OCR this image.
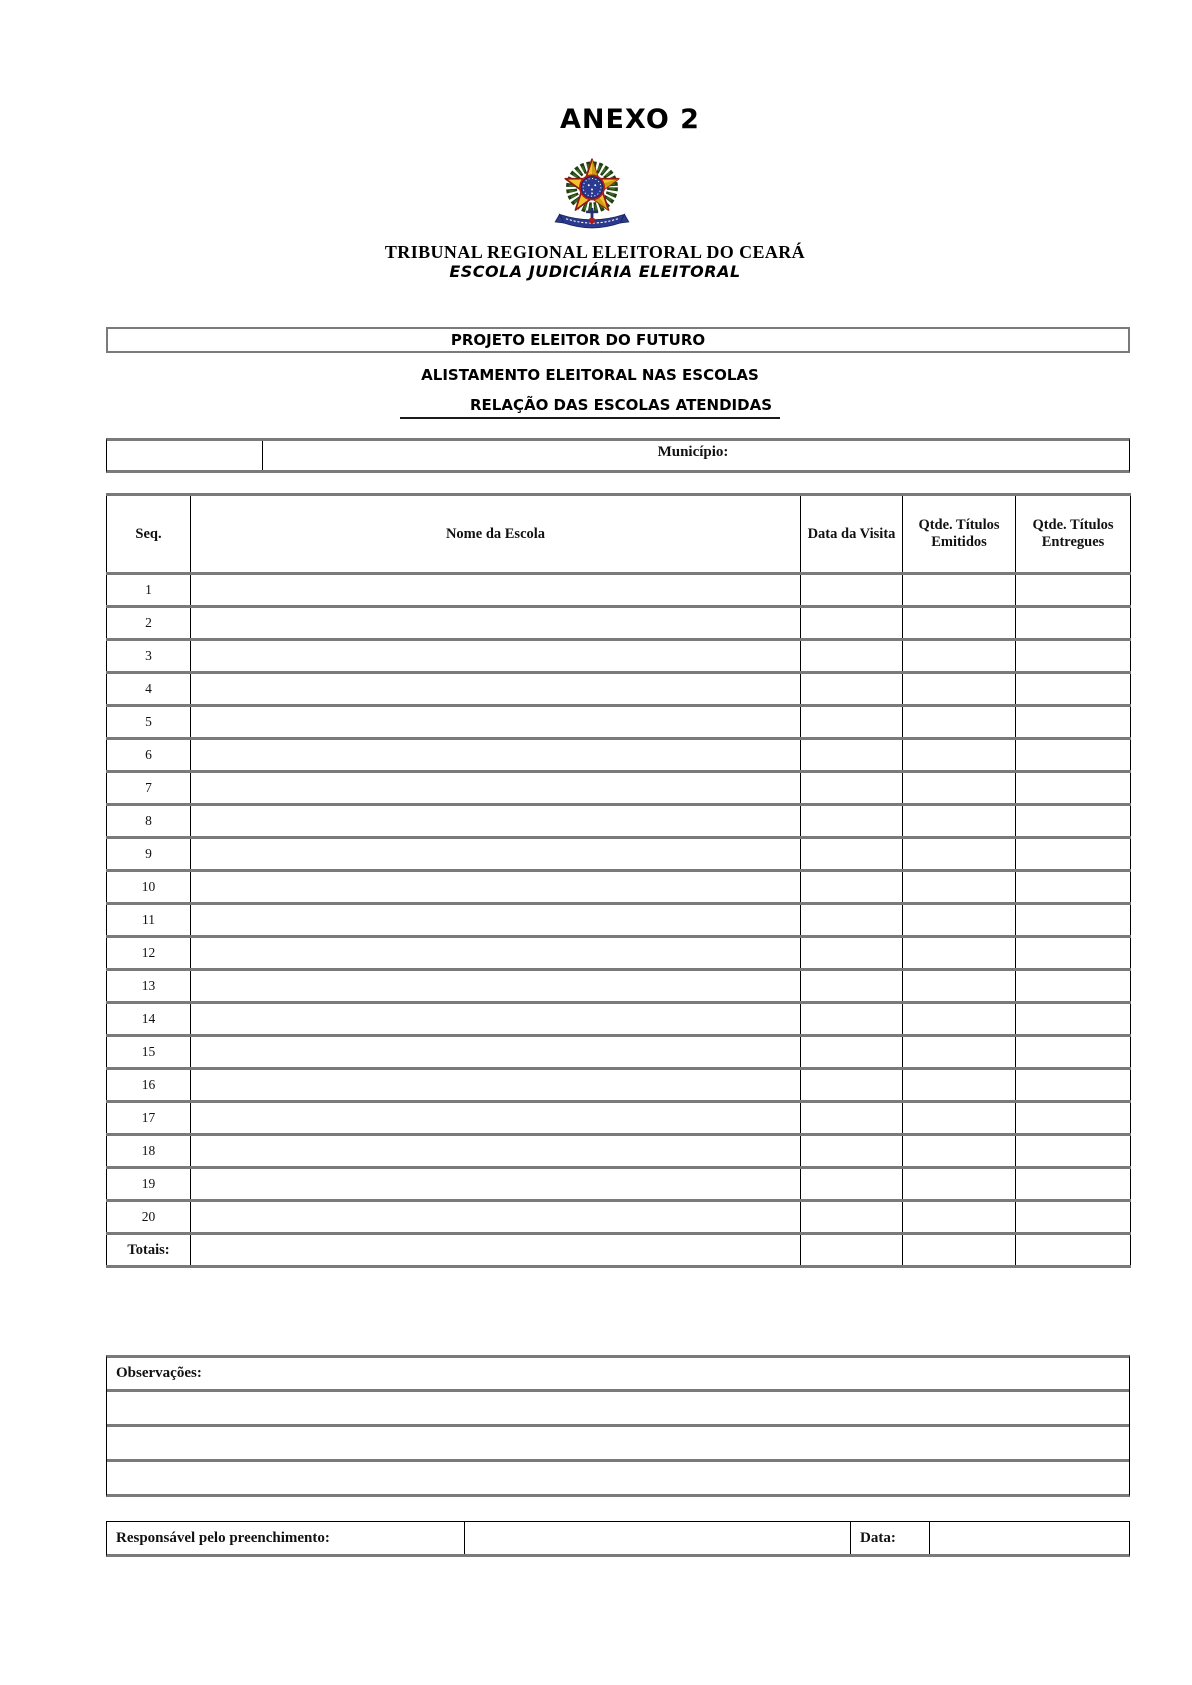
ANEXO 2
TRIBUNAL REGIONAL ELEITORAL DO CEARÁ
ESCOLA JUDICIÁRIA ELEITORAL
PROJETO ELEITOR DO FUTURO
ALISTAMENTO ELEITORAL NAS ESCOLAS
RELAÇÃO DAS ESCOLAS ATENDIDAS
Município:
Seq.	Nome da Escola	Data da Visita	Qtde. Títulos Emitidos	Qtde. Títulos Entregues
1				
2				
3				
4				
5				
6				
7				
8				
9				
10				
11				
12				
13				
14				
15				
16				
17				
18				
19				
20				
Totais:				
Observações:
Responsável pelo preenchimento:	Data:
